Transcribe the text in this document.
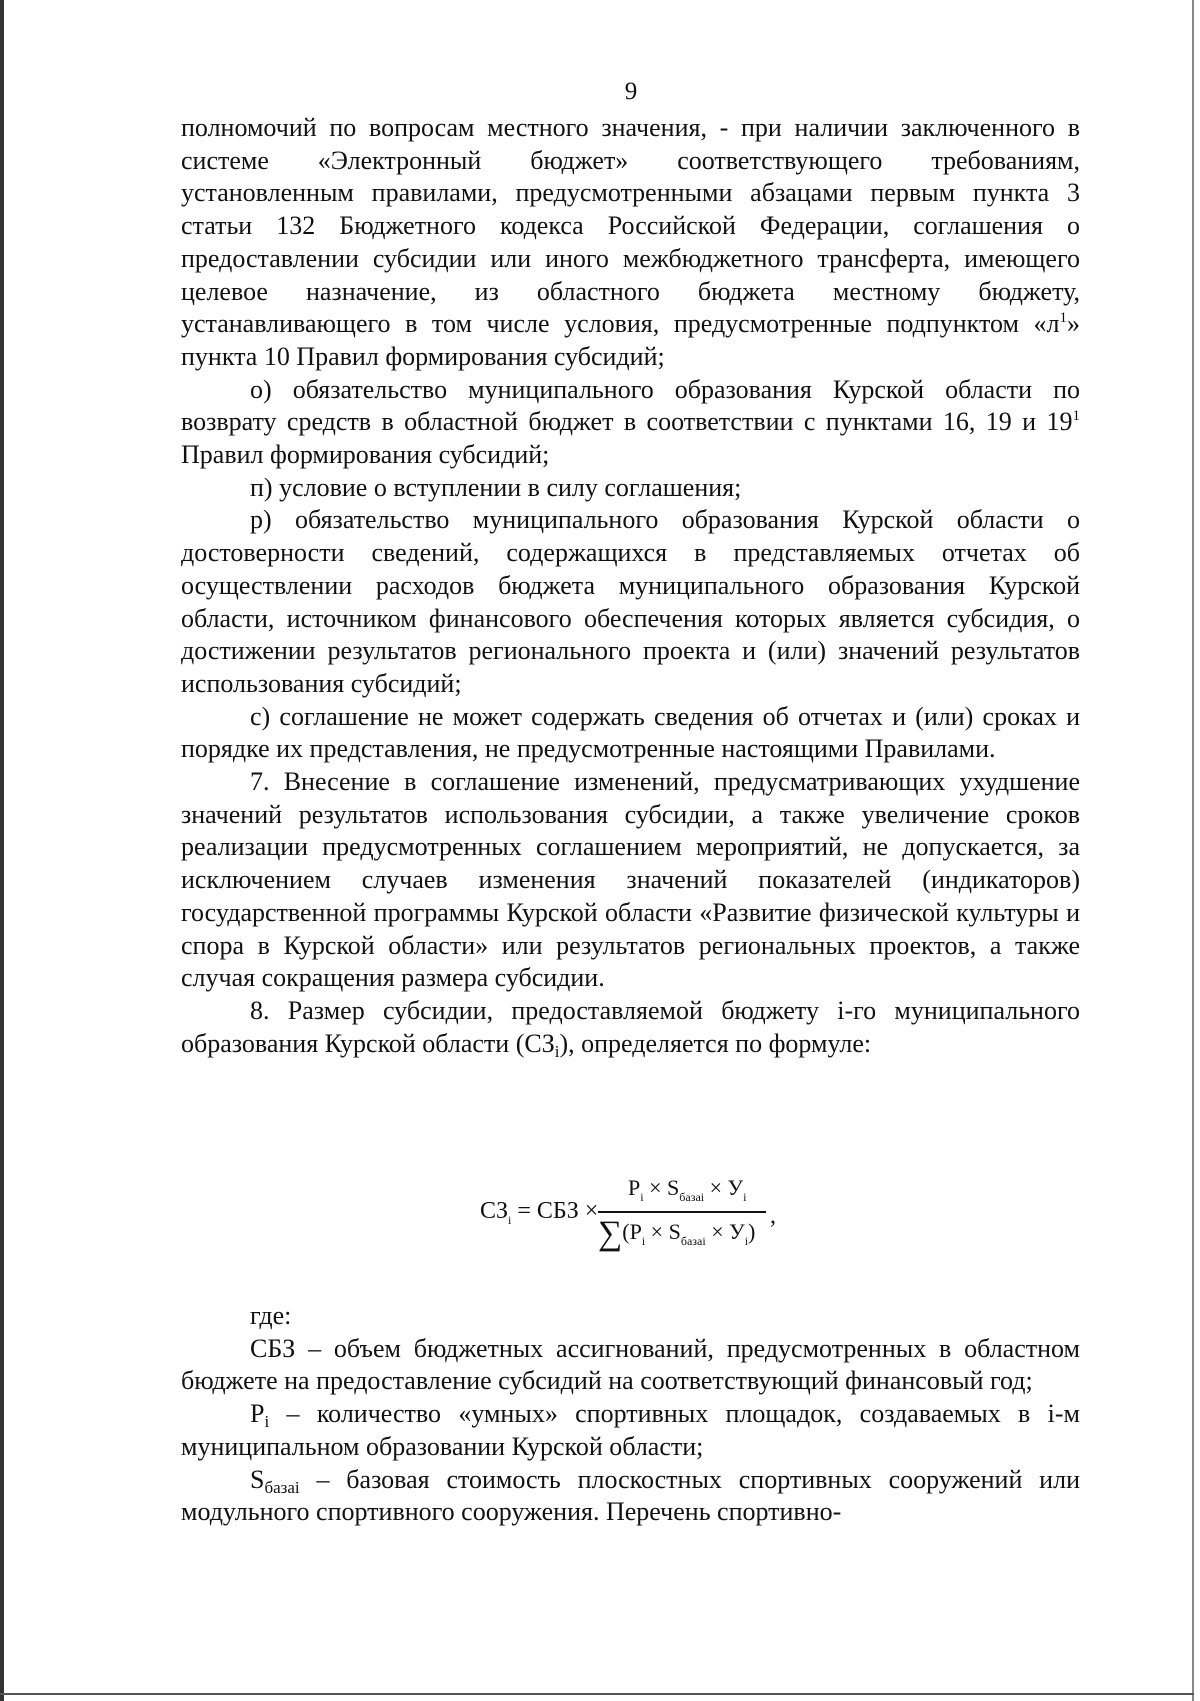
9

полномочий по вопросам местного значения, - при наличии заключенного в системе «Электронный бюджет» соответствующего требованиям, установленным правилами, предусмотренными абзацами первым пункта 3 статьи 132 Бюджетного кодекса Российской Федерации, соглашения о предоставлении субсидии или иного межбюджетного трансферта, имеющего целевое назначение, из областного бюджета местному бюджету, устанавливающего в том числе условия, предусмотренные подпунктом «$л^1$» пункта 10 Правил формирования субсидий;

о) обязательство муниципального образования Курской области по возврату средств в областной бюджет в соответствии с пунктами 16, 19 и $19^1$ Правил формирования субсидий;

п) условие о вступлении в силу соглашения;

р) обязательство муниципального образования Курской области о достоверности сведений, содержащихся в представляемых отчетах об осуществлении расходов бюджета муниципального образования Курской области, источником финансового обеспечения которых является субсидия, о достижении результатов регионального проекта и (или) значений результатов использования субсидий;

с) соглашение не может содержать сведения об отчетах и (или) сроках и порядке их представления, не предусмотренные настоящими Правилами.

7. Внесение в соглашение изменений, предусматривающих ухудшение значений результатов использования субсидии, а также увеличение сроков реализации предусмотренных соглашением мероприятий, не допускается, за исключением случаев изменения значений показателей (индикаторов) государственной программы Курской области «Развитие физической культуры и спора в Курской области» или результатов региональных проектов, а также случая сокращения размера субсидии.

8. Размер субсидии, предоставляемой бюджету i-го муниципального образования Курской области $(СЗ_i)$, определяется по формуле:

$СЗ_i$ = СБЗ ×
$P_i \times S_{базаi} \times У_i$
$\sum(P_i \times S_{базаi} \times У_i)$
,

где:

СБЗ – объем бюджетных ассигнований, предусмотренных в областном бюджете на предоставление субсидий на соответствующий финансовый год;

$P_i$ – количество «умных» спортивных площадок, создаваемых в i-м муниципальном образовании Курской области;

$S_{базаi}$ – базовая стоимость плоскостных спортивных сооружений или модульного спортивного сооружения. Перечень спортивно-
